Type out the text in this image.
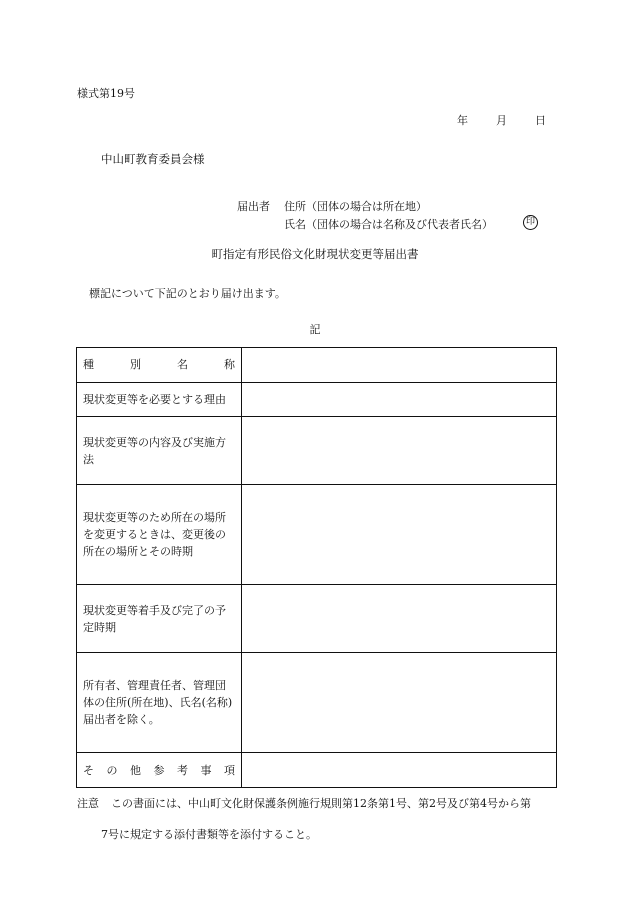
様式第19号
年	月	日
中山町教育委員会様
届出者 住所（団体の場合は所在地）
氏名（団体の場合は名称及び代表者氏名）	印
町指定有形民俗文化財現状変更等届出書
標記について下記のとおり届け出ます。
記
種　別　名　称	

現状変更等を必要とする理由	

現状変更等の内容及び実施方法	

現状変更等のため所在の場所を変更するときは、変更後の所在の場所とその時期	

現状変更等着手及び完了の予定時期	

所有者、管理責任者、管理団体の住所(所在地)、氏名(名称)届出者を除く。	

その他参考事項	

注意 この書面には、中山町文化財保護条例施行規則第12条第1号、第2号及び第4号から第
7号に規定する添付書類等を添付すること。
